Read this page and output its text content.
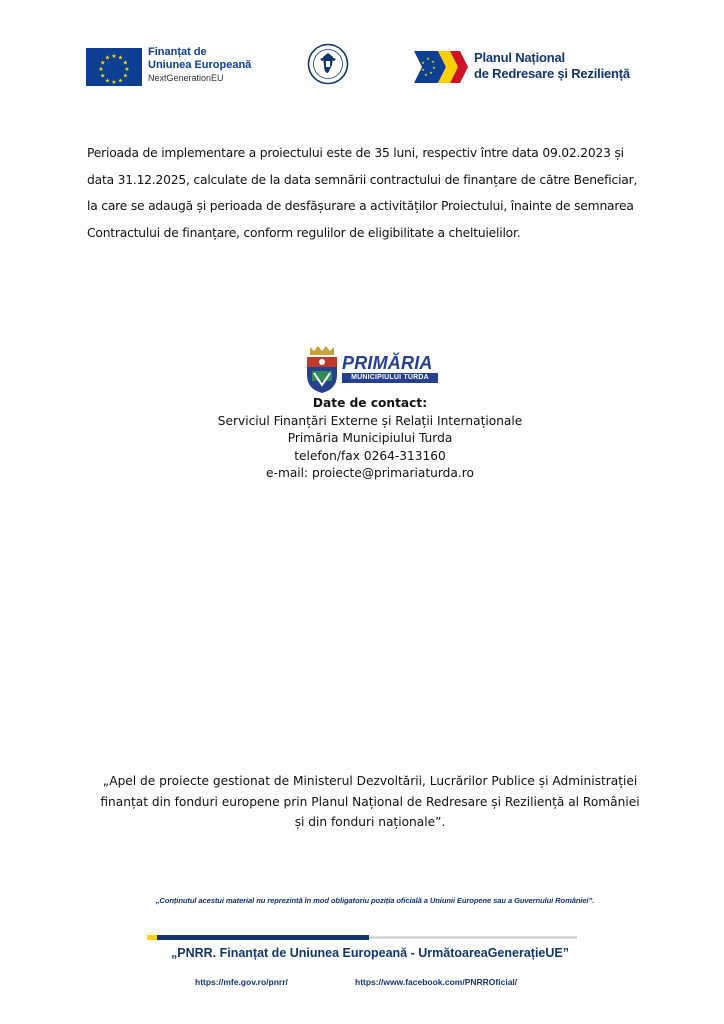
★ ★
★
★
★
★
★
★
★
★
★
★
Finanțat de
Uniunea Europeană
NextGenerationEU
★
★
★
★
★
★
★	Planul Național
de Redresare și Reziliență
Perioada de implementare a proiectului este de 35 luni, respectiv între data 09.02.2023 și data 31.12.2025, calculate de la data semnării contractului de finanțare de către Beneficiar, la care se adaugă și perioada de desfășurare a activităților Proiectului, înainte de semnarea Contractului de finanțare, conform regulilor de eligibilitate a cheltuielilor.
PRIMĂRIA
MUNICIPIULUI TURDA
Date de contact:
Serviciul Finanțări Externe și Relații Internaționale
Primăria Municipiului Turda
telefon/fax 0264-313160
e-mail: proiecte@primariaturda.ro
„Apel de proiecte gestionat de Ministerul Dezvoltării, Lucrărilor Publice și Administrației finanțat din fonduri europene prin Planul Național de Redresare și Reziliență al României și din fonduri naționale”.
„Conținutul acestui material nu reprezintă în mod obligatoriu poziția oficială a Uniunii Europene sau a Guvernului României”.
„PNRR. Finanțat de Uniunea Europeană - UrmătoareaGenerațieUE”
https://mfe.gov.ro/pnrr/	https://www.facebook.com/PNRROficial/
